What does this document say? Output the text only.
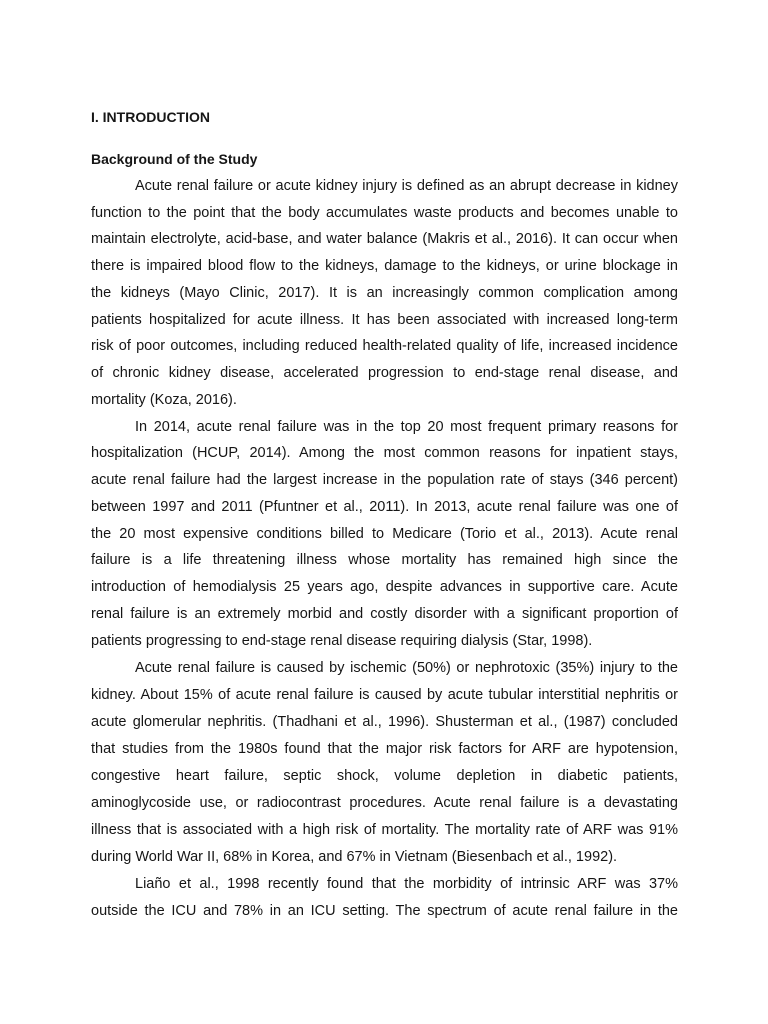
I. INTRODUCTION
Background of the Study
Acute renal failure or acute kidney injury is defined as an abrupt decrease in kidney
function to the point that the body accumulates waste products and becomes unable to
maintain electrolyte, acid-base, and water balance (Makris et al., 2016). It can occur when
there is impaired blood flow to the kidneys, damage to the kidneys, or urine blockage in
the kidneys (Mayo Clinic, 2017). It is an increasingly common complication among
patients hospitalized for acute illness. It has been associated with increased long-term
risk of poor outcomes, including reduced health-related quality of life, increased incidence
of chronic kidney disease, accelerated progression to end-stage renal disease, and
mortality (Koza, 2016).
In 2014, acute renal failure was in the top 20 most frequent primary reasons for
hospitalization (HCUP, 2014). Among the most common reasons for inpatient stays,
acute renal failure had the largest increase in the population rate of stays (346 percent)
between 1997 and 2011 (Pfuntner et al., 2011). In 2013, acute renal failure was one of
the 20 most expensive conditions billed to Medicare (Torio et al., 2013). Acute renal
failure is a life threatening illness whose mortality has remained high since the
introduction of hemodialysis 25 years ago, despite advances in supportive care. Acute
renal failure is an extremely morbid and costly disorder with a significant proportion of
patients progressing to end-stage renal disease requiring dialysis (Star, 1998).
Acute renal failure is caused by ischemic (50%) or nephrotoxic (35%) injury to the
kidney. About 15% of acute renal failure is caused by acute tubular interstitial nephritis or
acute glomerular nephritis. (Thadhani et al., 1996). Shusterman et al., (1987) concluded
that studies from the 1980s found that the major risk factors for ARF are hypotension,
congestive heart failure, septic shock, volume depletion in diabetic patients,
aminoglycoside use, or radiocontrast procedures. Acute renal failure is a devastating
illness that is associated with a high risk of mortality. The mortality rate of ARF was 91%
during World War II, 68% in Korea, and 67% in Vietnam (Biesenbach et al., 1992).
Liaño et al., 1998 recently found that the morbidity of intrinsic ARF was 37%
outside the ICU and 78% in an ICU setting. The spectrum of acute renal failure in the
